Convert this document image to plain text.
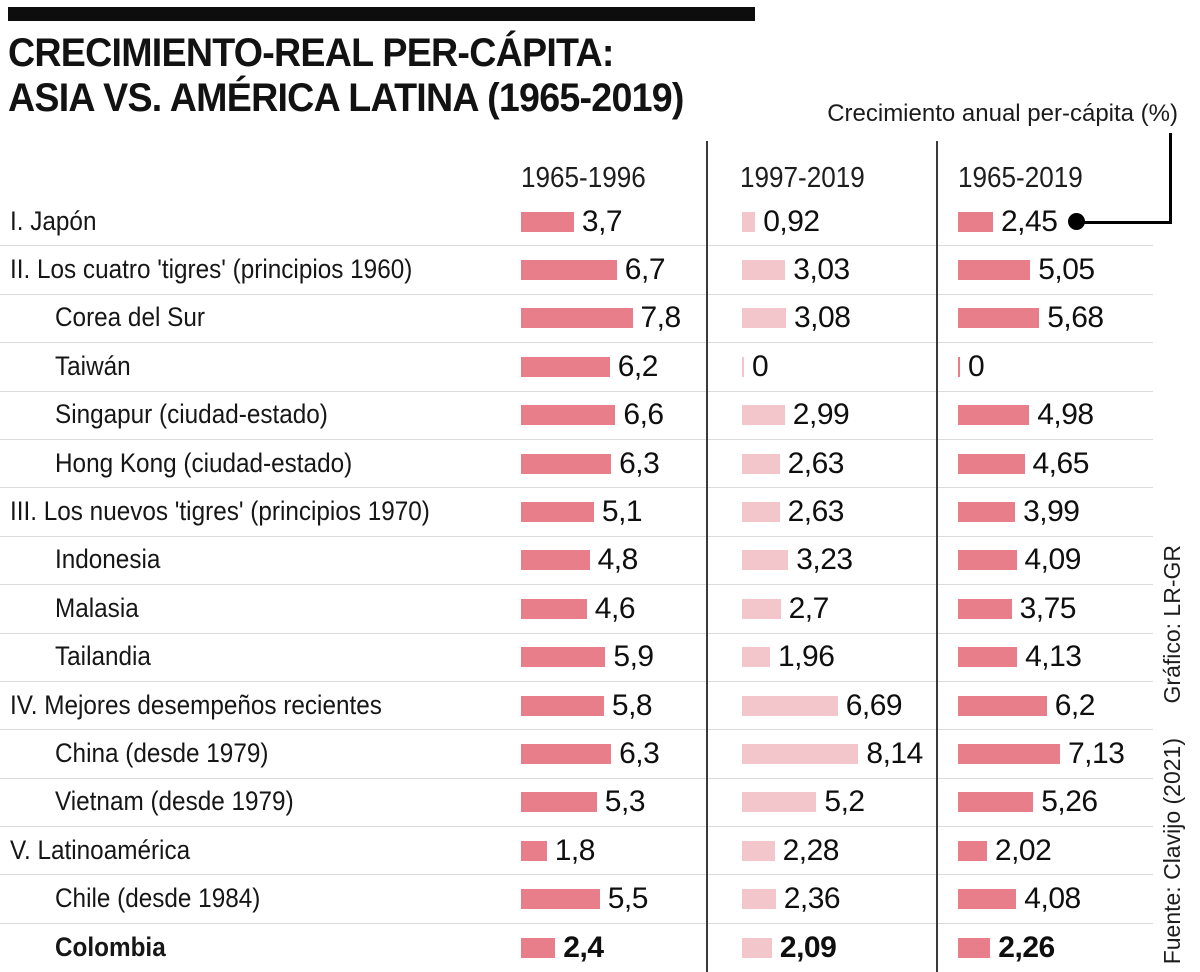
CRECIMIENTO-REAL PER-CÁPITA:
ASIA VS. AMÉRICA LATINA (1965-2019)	Crecimiento anual per-cápita (%)
1965-1996	1997-2019	1965-2019
I. Japón	3,7	0,92	2,45
II. Los cuatro 'tigres' (principios 1960)	6,7	3,03	5,05
Corea del Sur	7,8	3,08	5,68
Taiwán	6,2	0	0
Singapur (ciudad-estado)	6,6	2,99	4,98
Hong Kong (ciudad-estado)	6,3	2,63	4,65
III. Los nuevos 'tigres' (principios 1970)	5,1	2,63	3,99
Indonesia	4,8	3,23	4,09
Malasia	4,6	2,7	3,75
Tailandia	5,9	1,96	4,13
IV. Mejores desempeños recientes	5,8	6,69	6,2
China (desde 1979)	6,3	8,14	7,13
Vietnam (desde 1979)	5,3	5,2	5,26
V. Latinoamérica	1,8	2,28	2,02
Chile (desde 1984)	5,5	2,36	4,08
Colombia	2,4	2,09	2,26
Gráfico: LR-GR
Fuente: Clavijo (2021)
